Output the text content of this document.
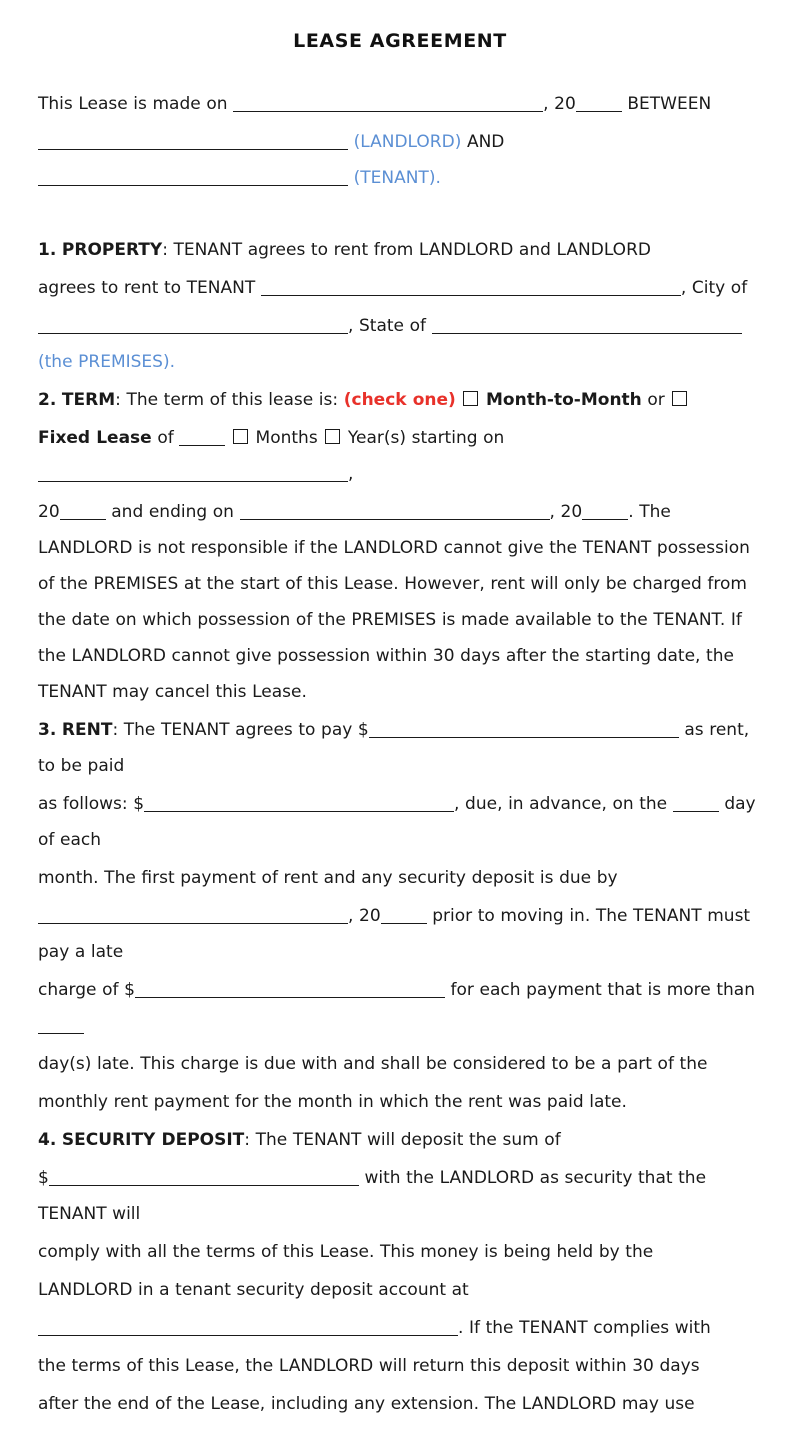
LEASE AGREEMENT
This Lease is made on	, 20	BETWEEN
(LANDLORD) AND  (TENANT).
1. PROPERTY: TENANT agrees to rent from LANDLORD and LANDLORD
agrees to rent to TENANT	, City of
, State of  (the PREMISES).
2. TERM: The term of this lease is: (check one) Month-to-Month or
Fixed Lease of	Months Year(s) starting on ,
20	and ending on	, 20	. The LANDLORD is not responsible if the LANDLORD cannot give the TENANT possession of the PREMISES at the start of this Lease. However, rent will only be charged from the date on which possession of the PREMISES is made available to the TENANT. If the LANDLORD cannot give possession within 30 days after the starting date, the TENANT may cancel this Lease.
3. RENT: The TENANT agrees to pay $	as rent, to be paid
as follows: $	, due, in advance, on the	day of each
month. The first payment of rent and any security deposit is due by
, 20	prior to moving in. The TENANT must pay a late
charge of $	for each payment that is more than
day(s) late. This charge is due with and shall be considered to be a part of the
monthly rent payment for the month in which the rent was paid late.
4. SECURITY DEPOSIT: The TENANT will deposit the sum of
$	with the LANDLORD as security that the TENANT will
comply with all the terms of this Lease. This money is being held by the
LANDLORD in a tenant security deposit account at
. If the TENANT complies with
the terms of this Lease, the LANDLORD will return this deposit within 30 days
after the end of the Lease, including any extension. The LANDLORD may use
